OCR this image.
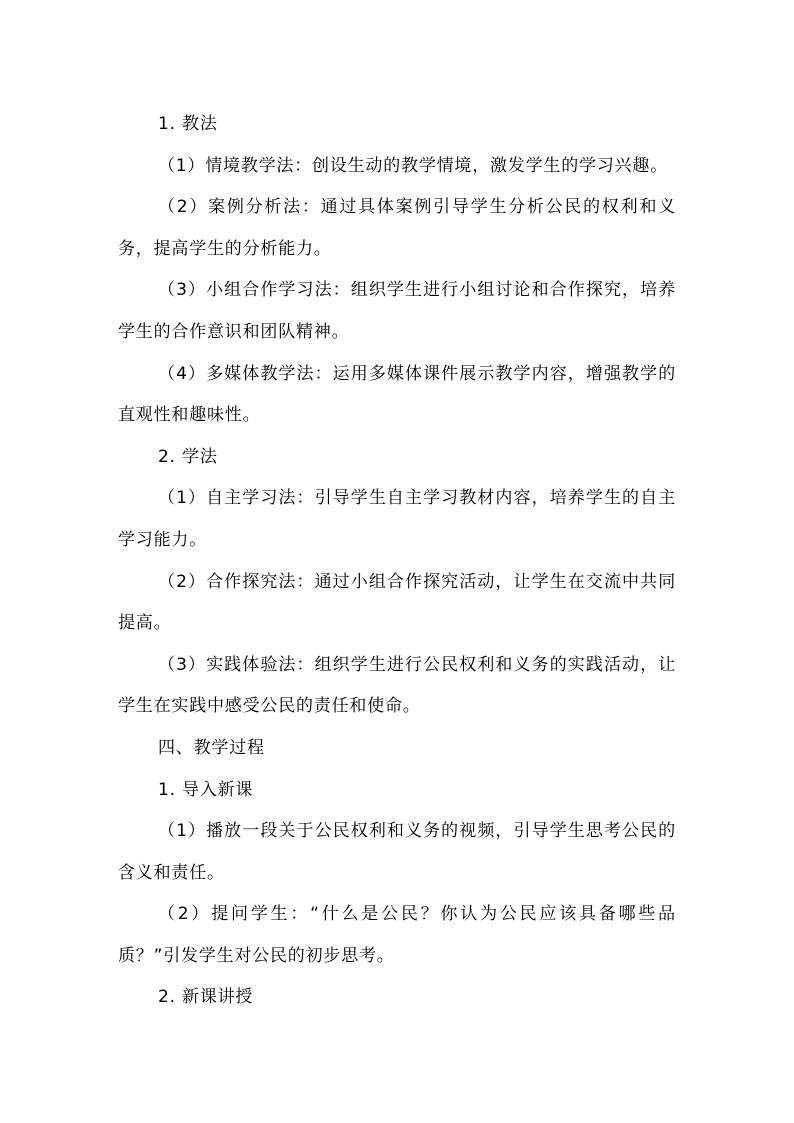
1. 教法

（1）情境教学法：创设生动的教学情境，激发学生的学习兴趣。

（2）案例分析法：通过具体案例引导学生分析公民的权利和义务，提高学生的分析能力。

（3）小组合作学习法：组织学生进行小组讨论和合作探究，培养学生的合作意识和团队精神。

（4）多媒体教学法：运用多媒体课件展示教学内容，增强教学的直观性和趣味性。

2. 学法

（1）自主学习法：引导学生自主学习教材内容，培养学生的自主学习能力。

（2）合作探究法：通过小组合作探究活动，让学生在交流中共同提高。

（3）实践体验法：组织学生进行公民权利和义务的实践活动，让学生在实践中感受公民的责任和使命。

四、教学过程

1. 导入新课

（1）播放一段关于公民权利和义务的视频，引导学生思考公民的含义和责任。

（2）提问学生：“什么是公民？你认为公民应该具备哪些品质？”引发学生对公民的初步思考。

2. 新课讲授
